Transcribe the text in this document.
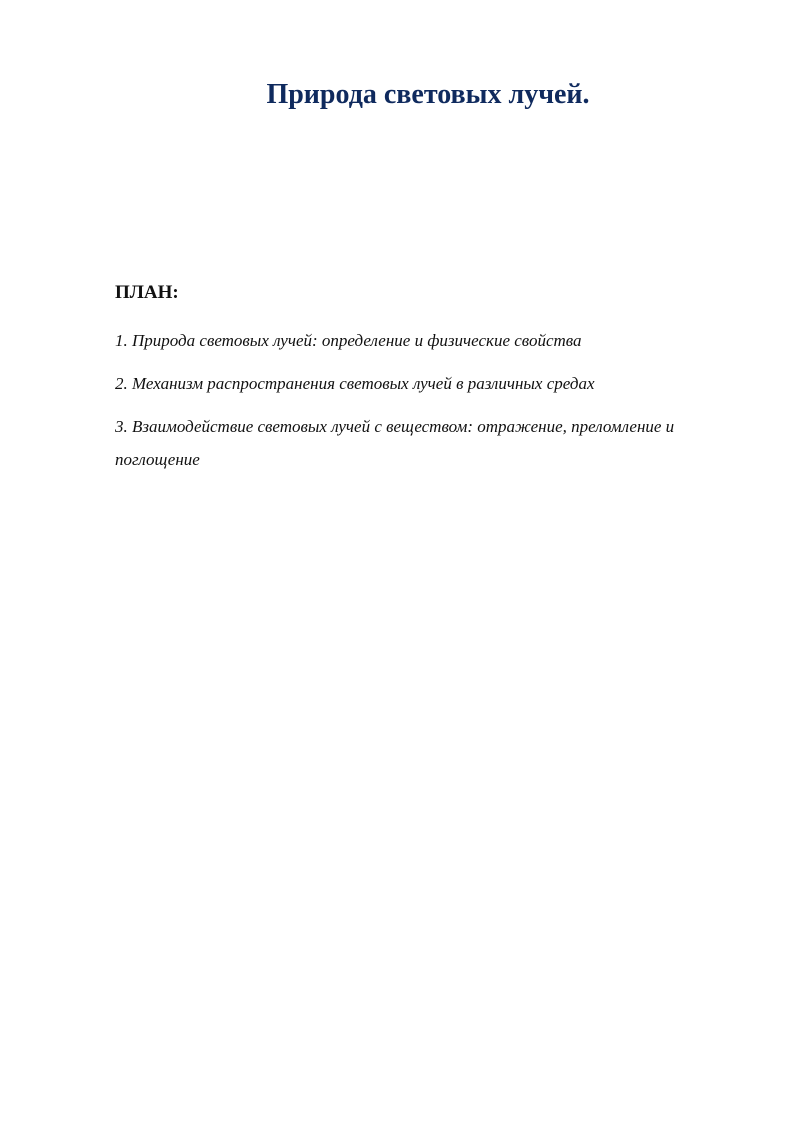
Природа световых лучей.
ПЛАН:
1. Природа световых лучей: определение и физические свойства
2. Механизм распространения световых лучей в различных средах
3. Взаимодействие световых лучей с веществом: отражение, преломление и поглощение
